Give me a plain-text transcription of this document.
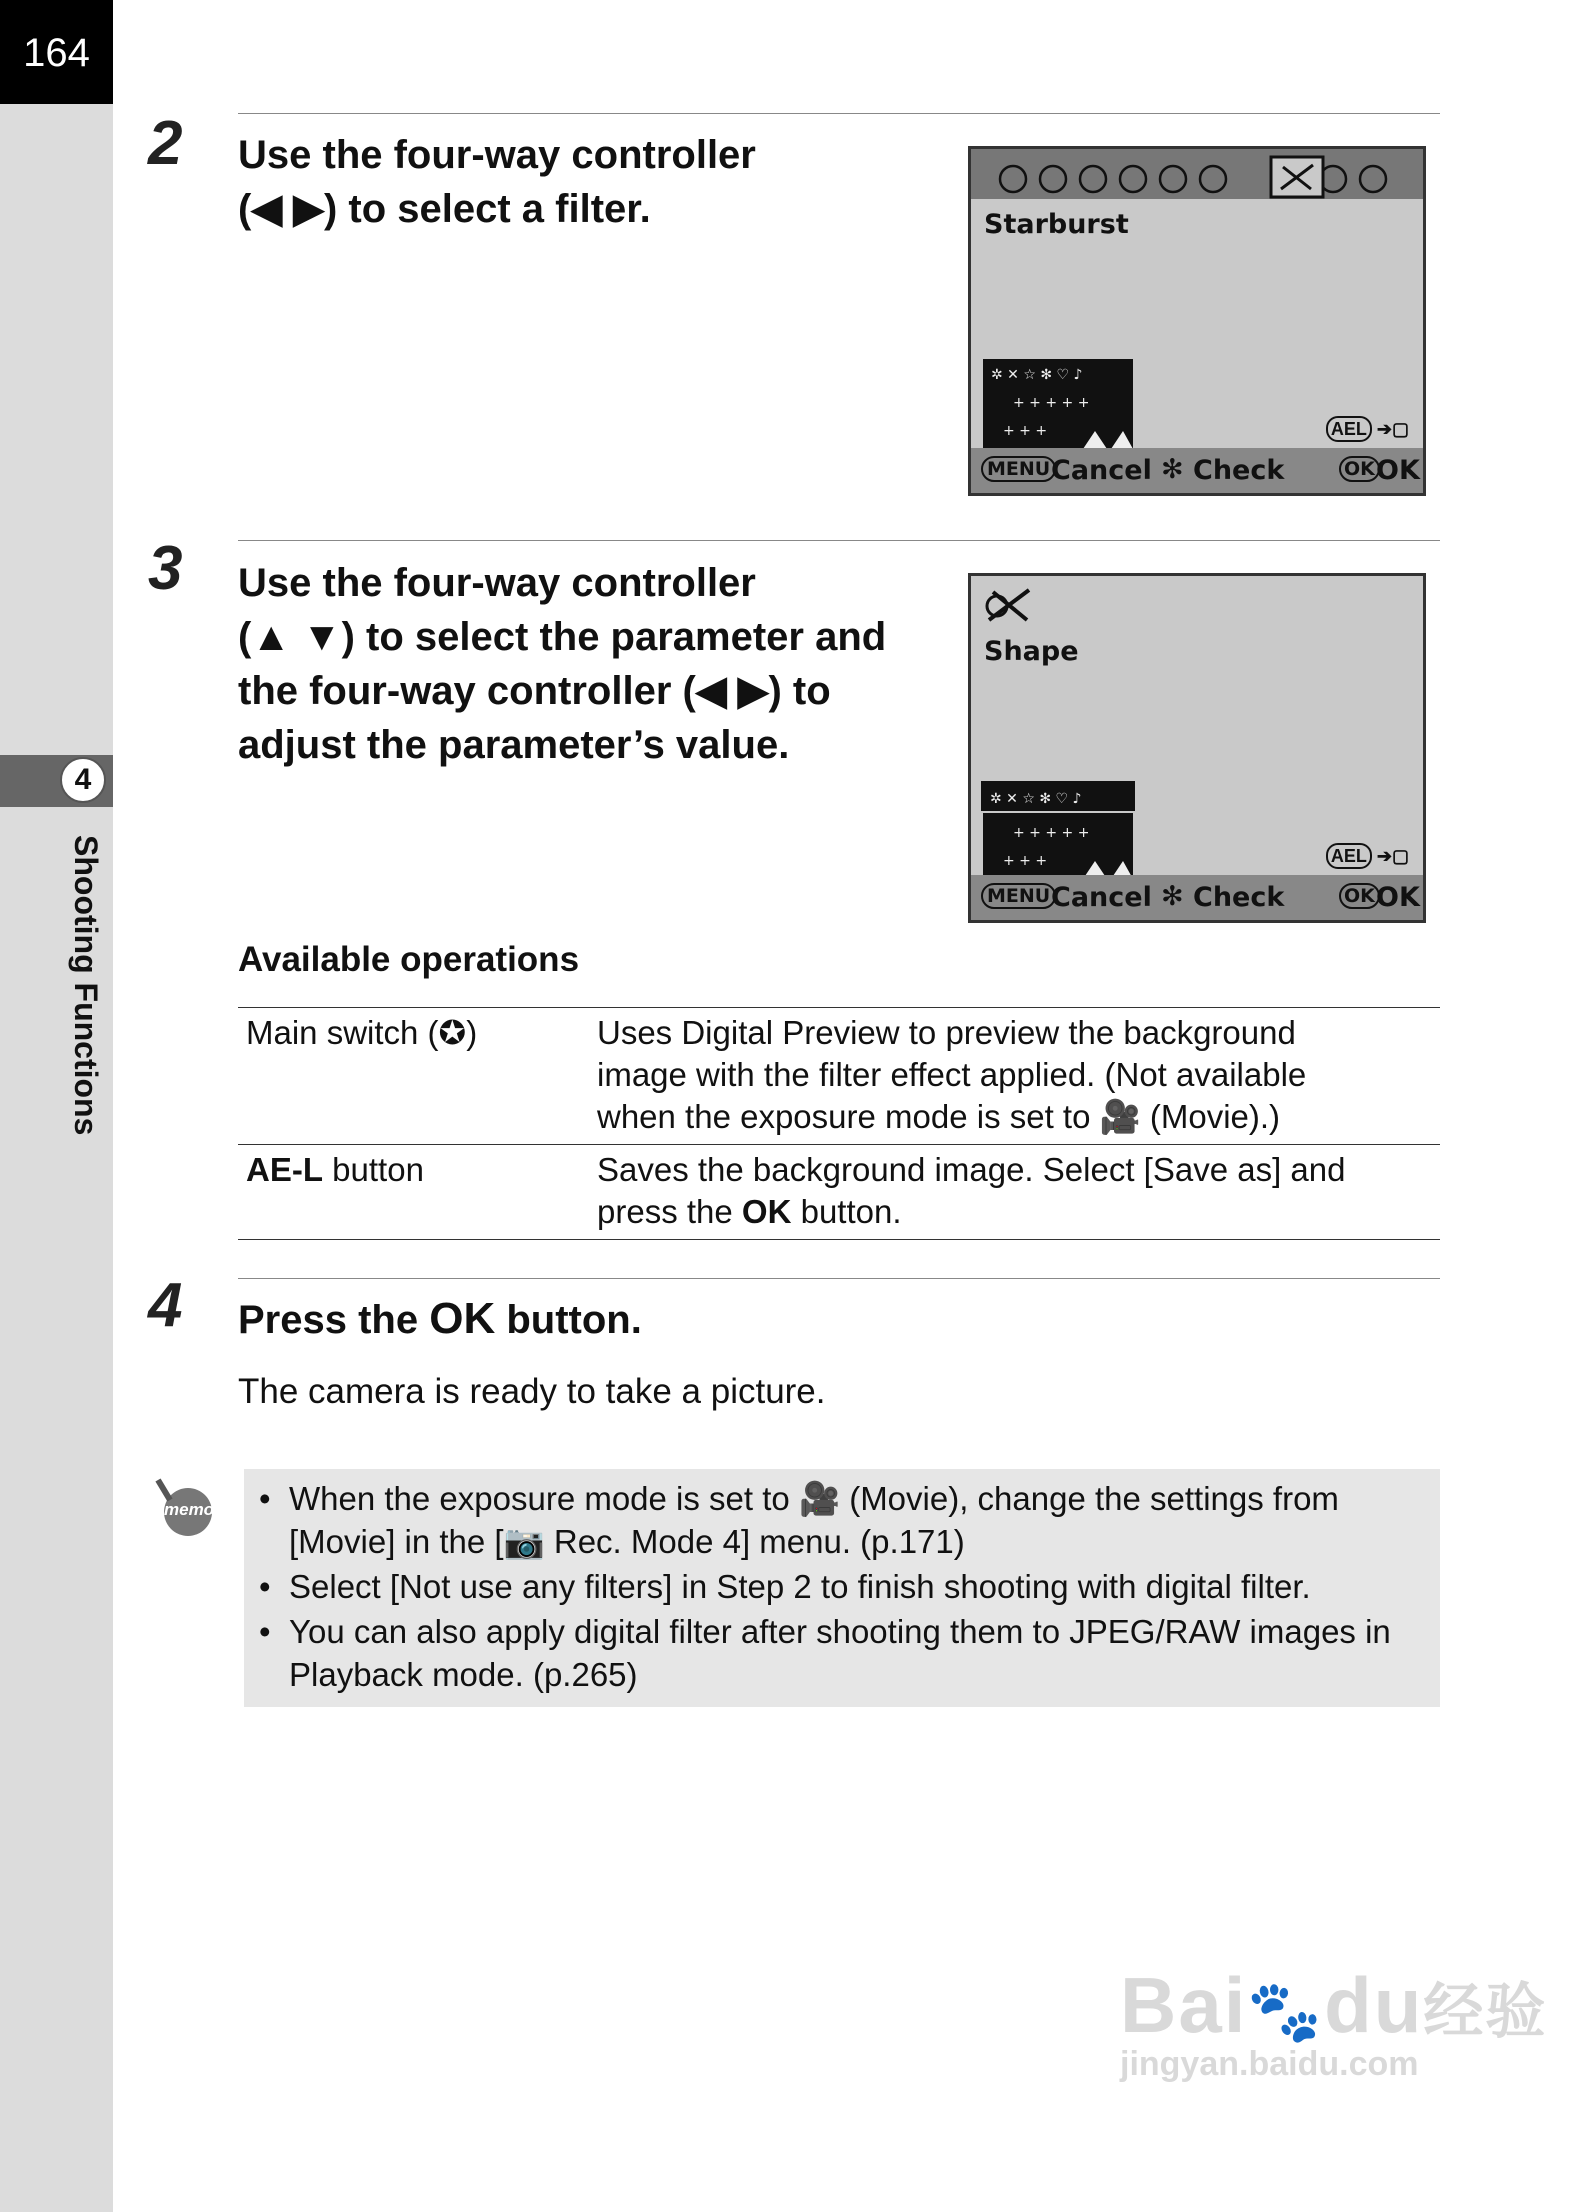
164
4
Shooting Functions
2 Use the four-way controller
(◀ ▶) to select a filter.	Starburst
✲ ✕ ☆ ✻ ♡ ♪
+ + + + +
+ + +	AEL ➔▢
MENU Cancel ✻ Check	OK OK
3 Use the four-way controller
(▲ ▼) to select the parameter and
the four-way controller (◀ ▶) to
adjust the parameter’s value.
Shape
✲ ✕ ☆ ✻ ♡ ♪
+ + + + +
+ + +	AEL ➔▢
MENU Cancel ✻ Check	OK OK
Available operations
Main switch (✪)	Uses Digital Preview to preview the background
image with the filter effect applied. (Not available
when the exposure mode is set to 🎥 (Movie).)

AE-L button	Saves the background image. Select [Save as] and
press the OK button.
4 Press the OK button.
The camera is ready to take a picture.
memo	• When the exposure mode is set to 🎥 (Movie), change the settings from
[Movie] in the [📷 Rec. Mode 4] menu. (p.171)
• Select [Not use any filters] in Step 2 to finish shooting with digital filter.
• You can also apply digital filter after shooting them to JPEG/RAW images in
Playback mode. (p.265)
Bai🐾du经验
jingyan.baidu.com
